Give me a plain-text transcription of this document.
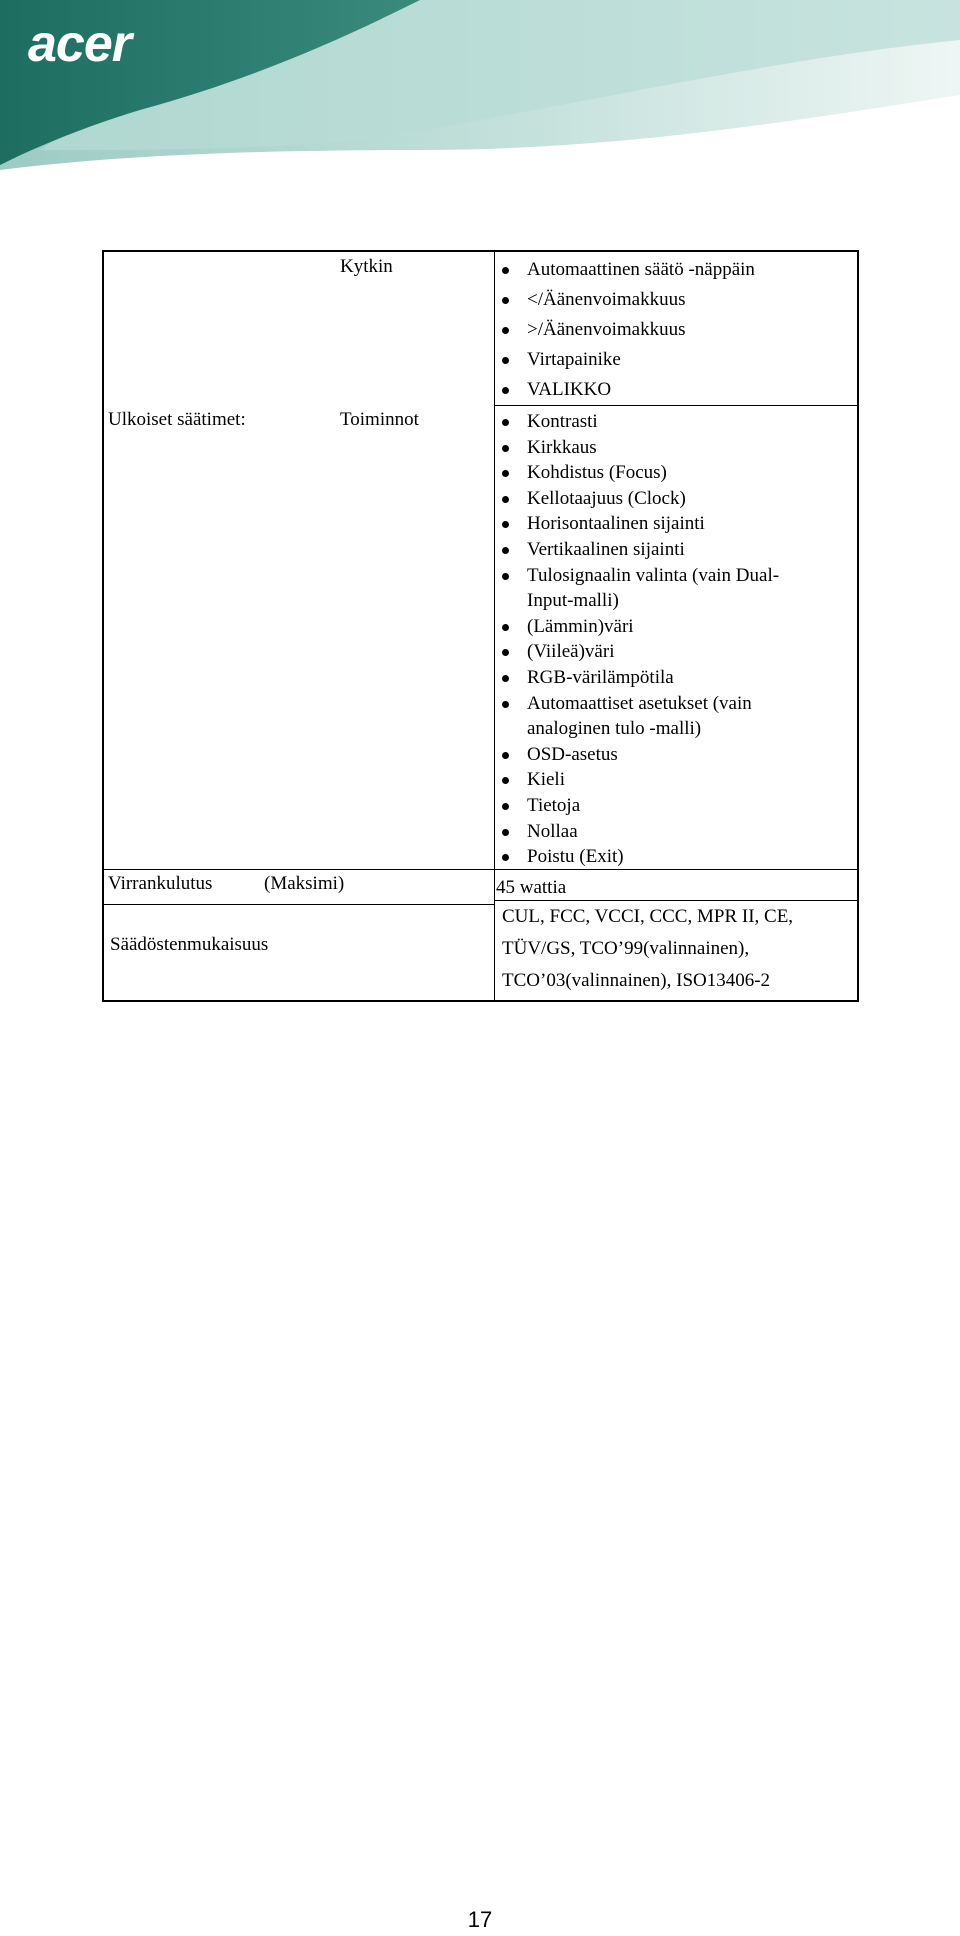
acer
Ulkoiset säätimet:
Kytkin
Toiminnot
Virrankulutus	(Maksimi)
Säädöstenmukaisuus
Automaattinen säätö -näppäin
</Äänenvoimakkuus
>/Äänenvoimakkuus
Virtapainike
VALIKKO
Kontrasti
Kirkkaus
Kohdistus (Focus)
Kellotaajuus (Clock)
Horisontaalinen sijainti
Vertikaalinen sijainti
Tulosignaalin valinta (vain Dual-
Input-malli)
(Lämmin)väri
(Viileä)väri
RGB-värilämpötila
Automaattiset asetukset (vain
analoginen tulo -malli)
OSD-asetus
Kieli
Tietoja
Nollaa
Poistu (Exit)
45 wattia
CUL, FCC, VCCI, CCC, MPR II, CE,
TÜV/GS, TCO’99(valinnainen),
TCO’03(valinnainen), ISO13406-2
17
